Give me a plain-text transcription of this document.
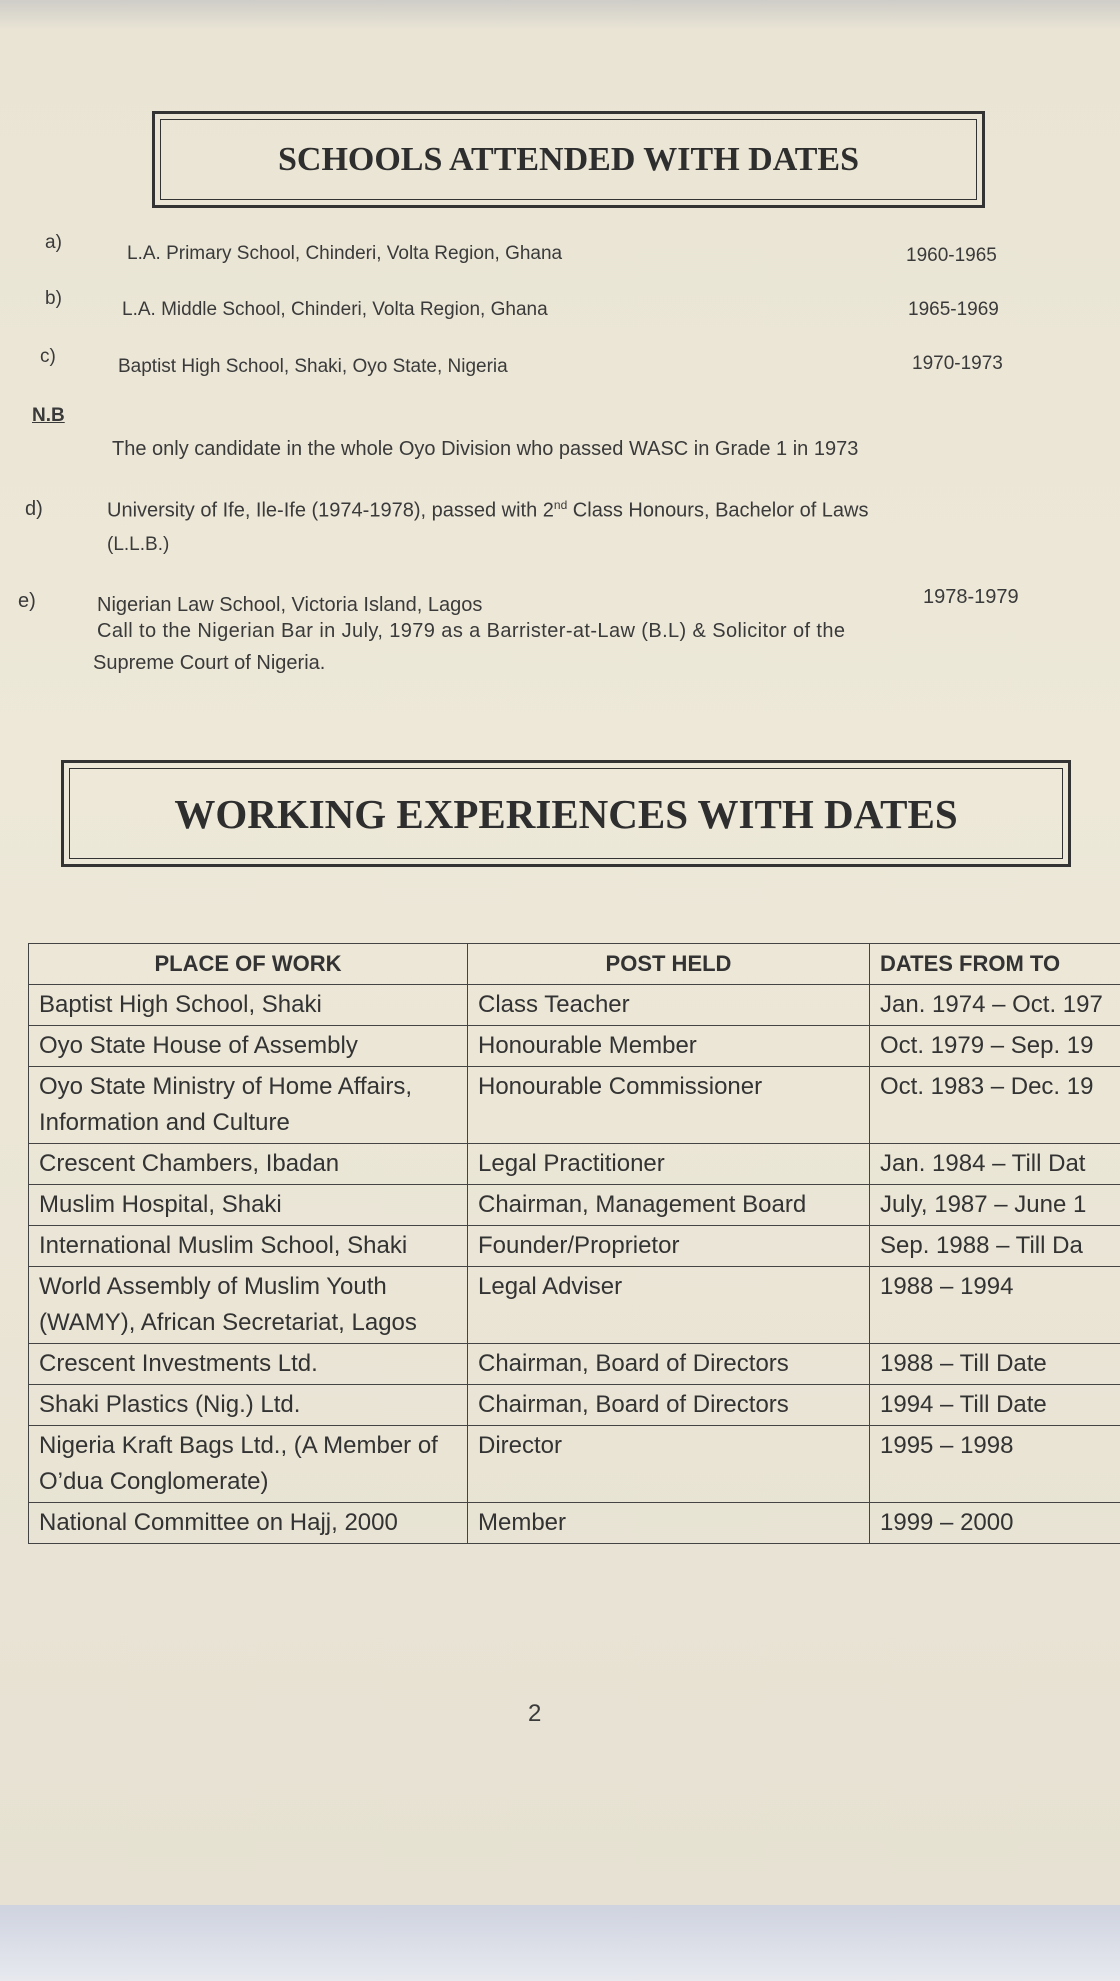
SCHOOLS ATTENDED WITH DATES
a)
L.A. Primary School, Chinderi, Volta Region, Ghana	1960-1965
b)
L.A. Middle School, Chinderi, Volta Region, Ghana	1965-1969
c)	Baptist High School, Shaki, Oyo State, Nigeria	1970-1973
N.B
The only candidate in the whole Oyo Division who passed WASC in Grade 1 in 1973
d)	University of Ife, Ile-Ife (1974-1978), passed with 2nd Class Honours, Bachelor of Laws
(L.L.B.)
e)	Nigerian Law School, Victoria Island, Lagos	1978-1979
Call to the Nigerian Bar in July, 1979 as a Barrister-at-Law (B.L) & Solicitor of the
Supreme Court of Nigeria.
WORKING EXPERIENCES WITH DATES
PLACE OF WORK	POST HELD	DATES FROM TO
Baptist High School, Shaki	Class Teacher	Jan. 1974 – Oct. 197
Oyo State House of Assembly	Honourable Member	Oct. 1979 – Sep. 19
Oyo State Ministry of Home Affairs, Information and Culture	Honourable Commissioner	Oct. 1983 – Dec. 19
Crescent Chambers, Ibadan	Legal Practitioner	Jan. 1984 – Till Dat
Muslim Hospital, Shaki	Chairman, Management Board	July, 1987 – June 1
International Muslim School, Shaki	Founder/Proprietor	Sep. 1988 – Till Da
World Assembly of Muslim Youth (WAMY), African Secretariat, Lagos	Legal Adviser	1988 – 1994
Crescent Investments Ltd.	Chairman, Board of Directors	1988 – Till Date
Shaki Plastics (Nig.) Ltd.	Chairman, Board of Directors	1994 – Till Date
Nigeria Kraft Bags Ltd., (A Member of O’dua Conglomerate)	Director	1995 – 1998
National Committee on Hajj, 2000	Member	1999 – 2000
2
